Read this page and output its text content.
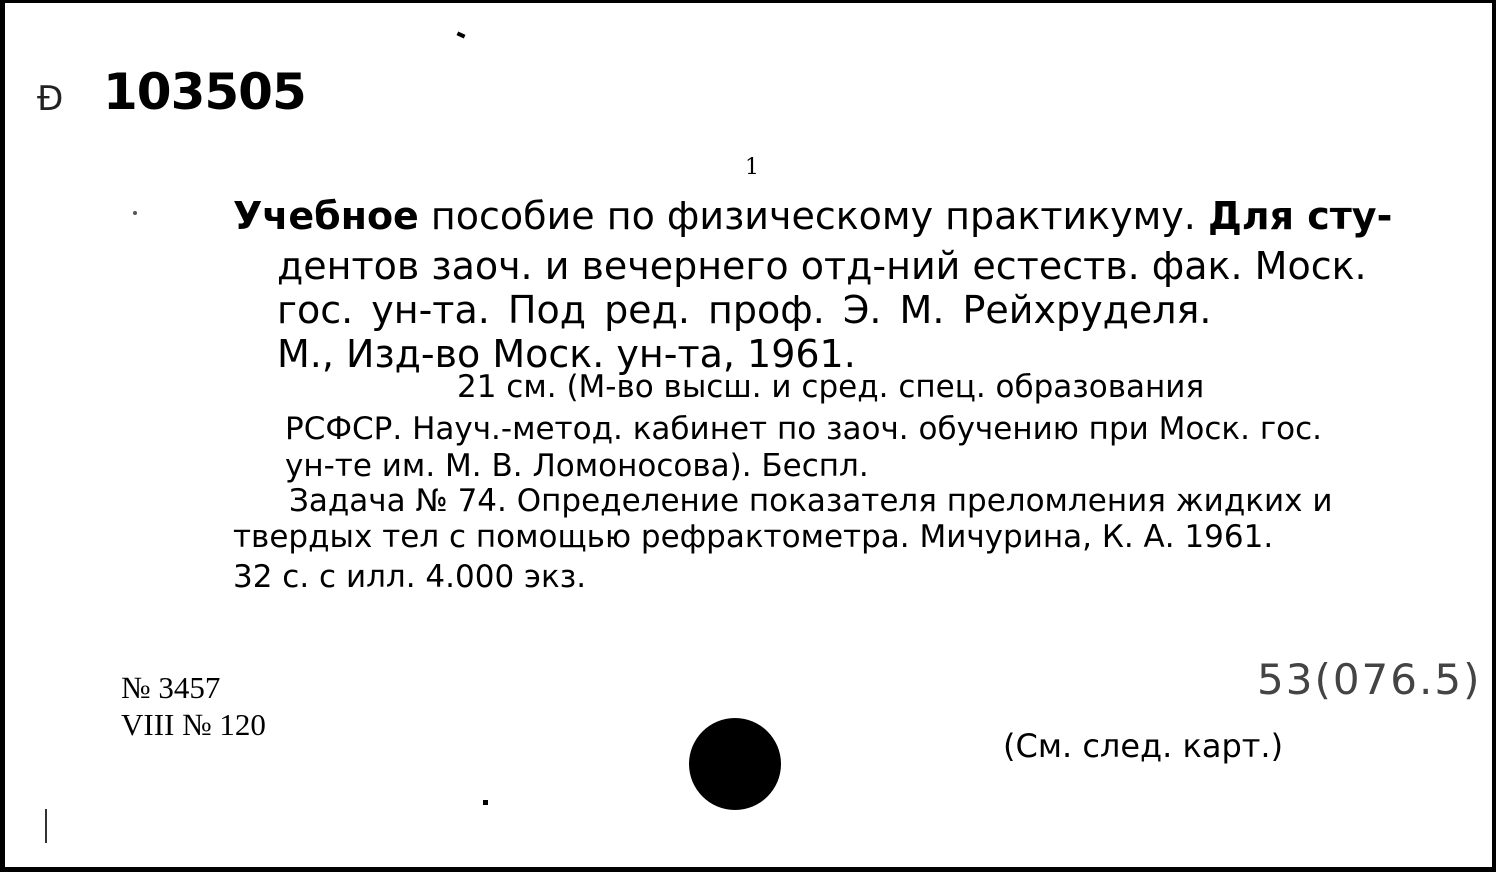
Ð 103505
1
Учебное пособие по физическому практикуму. Для сту-
дентов заоч. и вечернего отд-ний естеств. фак. Моск.
гос. ун-та. Под ред. проф. Э. М. Рейхруделя.
М., Изд-во Моск. ун-та, 1961.
21 см. (М-во высш. и сред. спец. образования
РСФСР. Науч.-метод. кабинет по заоч. обучению при Моск. гос.
ун-те им. М. В. Ломоносова). Беспл.
Задача № 74. Определение показателя преломления жидких и
твердых тел с помощью рефрактометра. Мичурина, К. А. 1961.
32 с. с илл. 4.000 экз.
№ 3457
VIII № 120
53(076.5)
(См. след. карт.)
